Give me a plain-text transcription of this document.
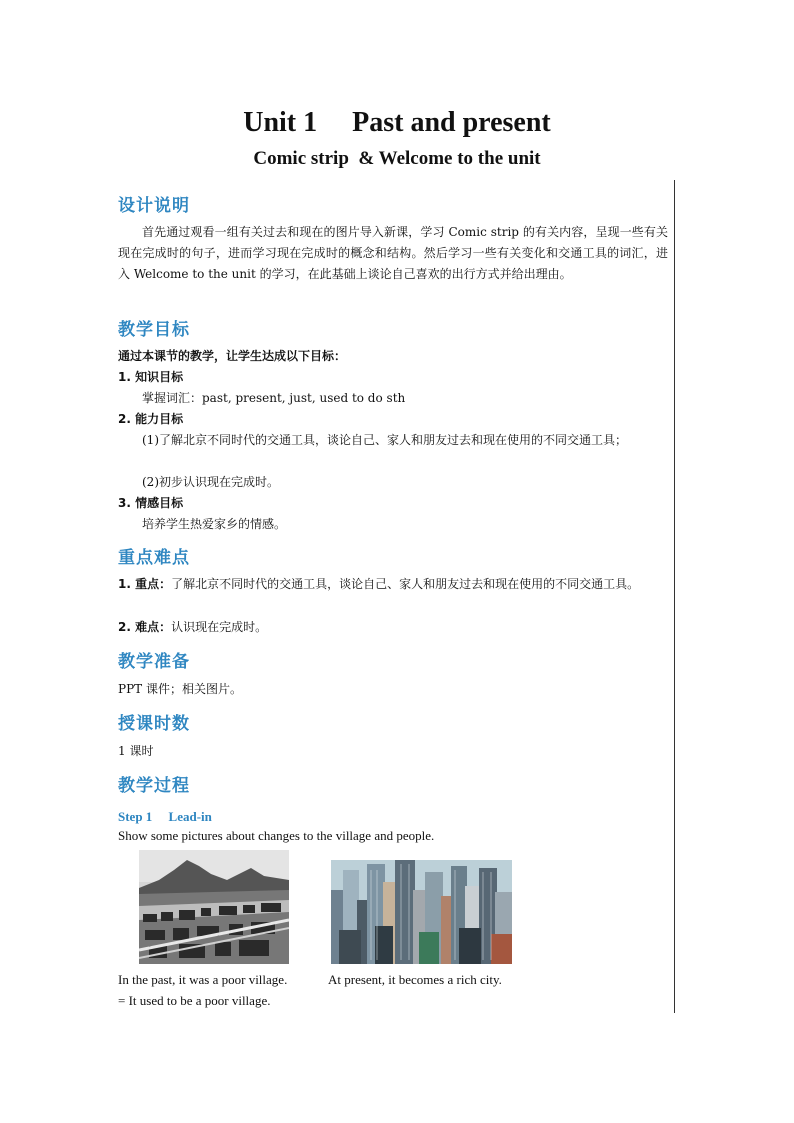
Unit 1　 Past and present
Comic strip  & Welcome to the unit
设计说明
首先通过观看一组有关过去和现在的图片导入新课，学习 Comic strip 的有关内容，呈现一些有关现在完成时的句子，进而学习现在完成时的概念和结构。然后学习一些有关变化和交通工具的词汇，进入 Welcome to the unit 的学习，在此基础上谈论自己喜欢的出行方式并给出理由。
教学目标
通过本课节的教学，让学生达成以下目标：
1. 知识目标
掌握词汇：past, present, just, used to do sth
2. 能力目标
(1)了解北京不同时代的交通工具，谈论自己、家人和朋友过去和现在使用的不同交通工具；
(2)初步认识现在完成时。
3. 情感目标
培养学生热爱家乡的情感。
重点难点
1. 重点：了解北京不同时代的交通工具，谈论自己、家人和朋友过去和现在使用的不同交通工具。
2. 难点：认识现在完成时。
教学准备
PPT 课件；相关图片。
授课时数
1 课时
教学过程
Step 1　 Lead-in
Show some pictures about changes to the village and people.
In the past, it was a poor village.
= It used to be a poor village.
At present, it becomes a rich city.
